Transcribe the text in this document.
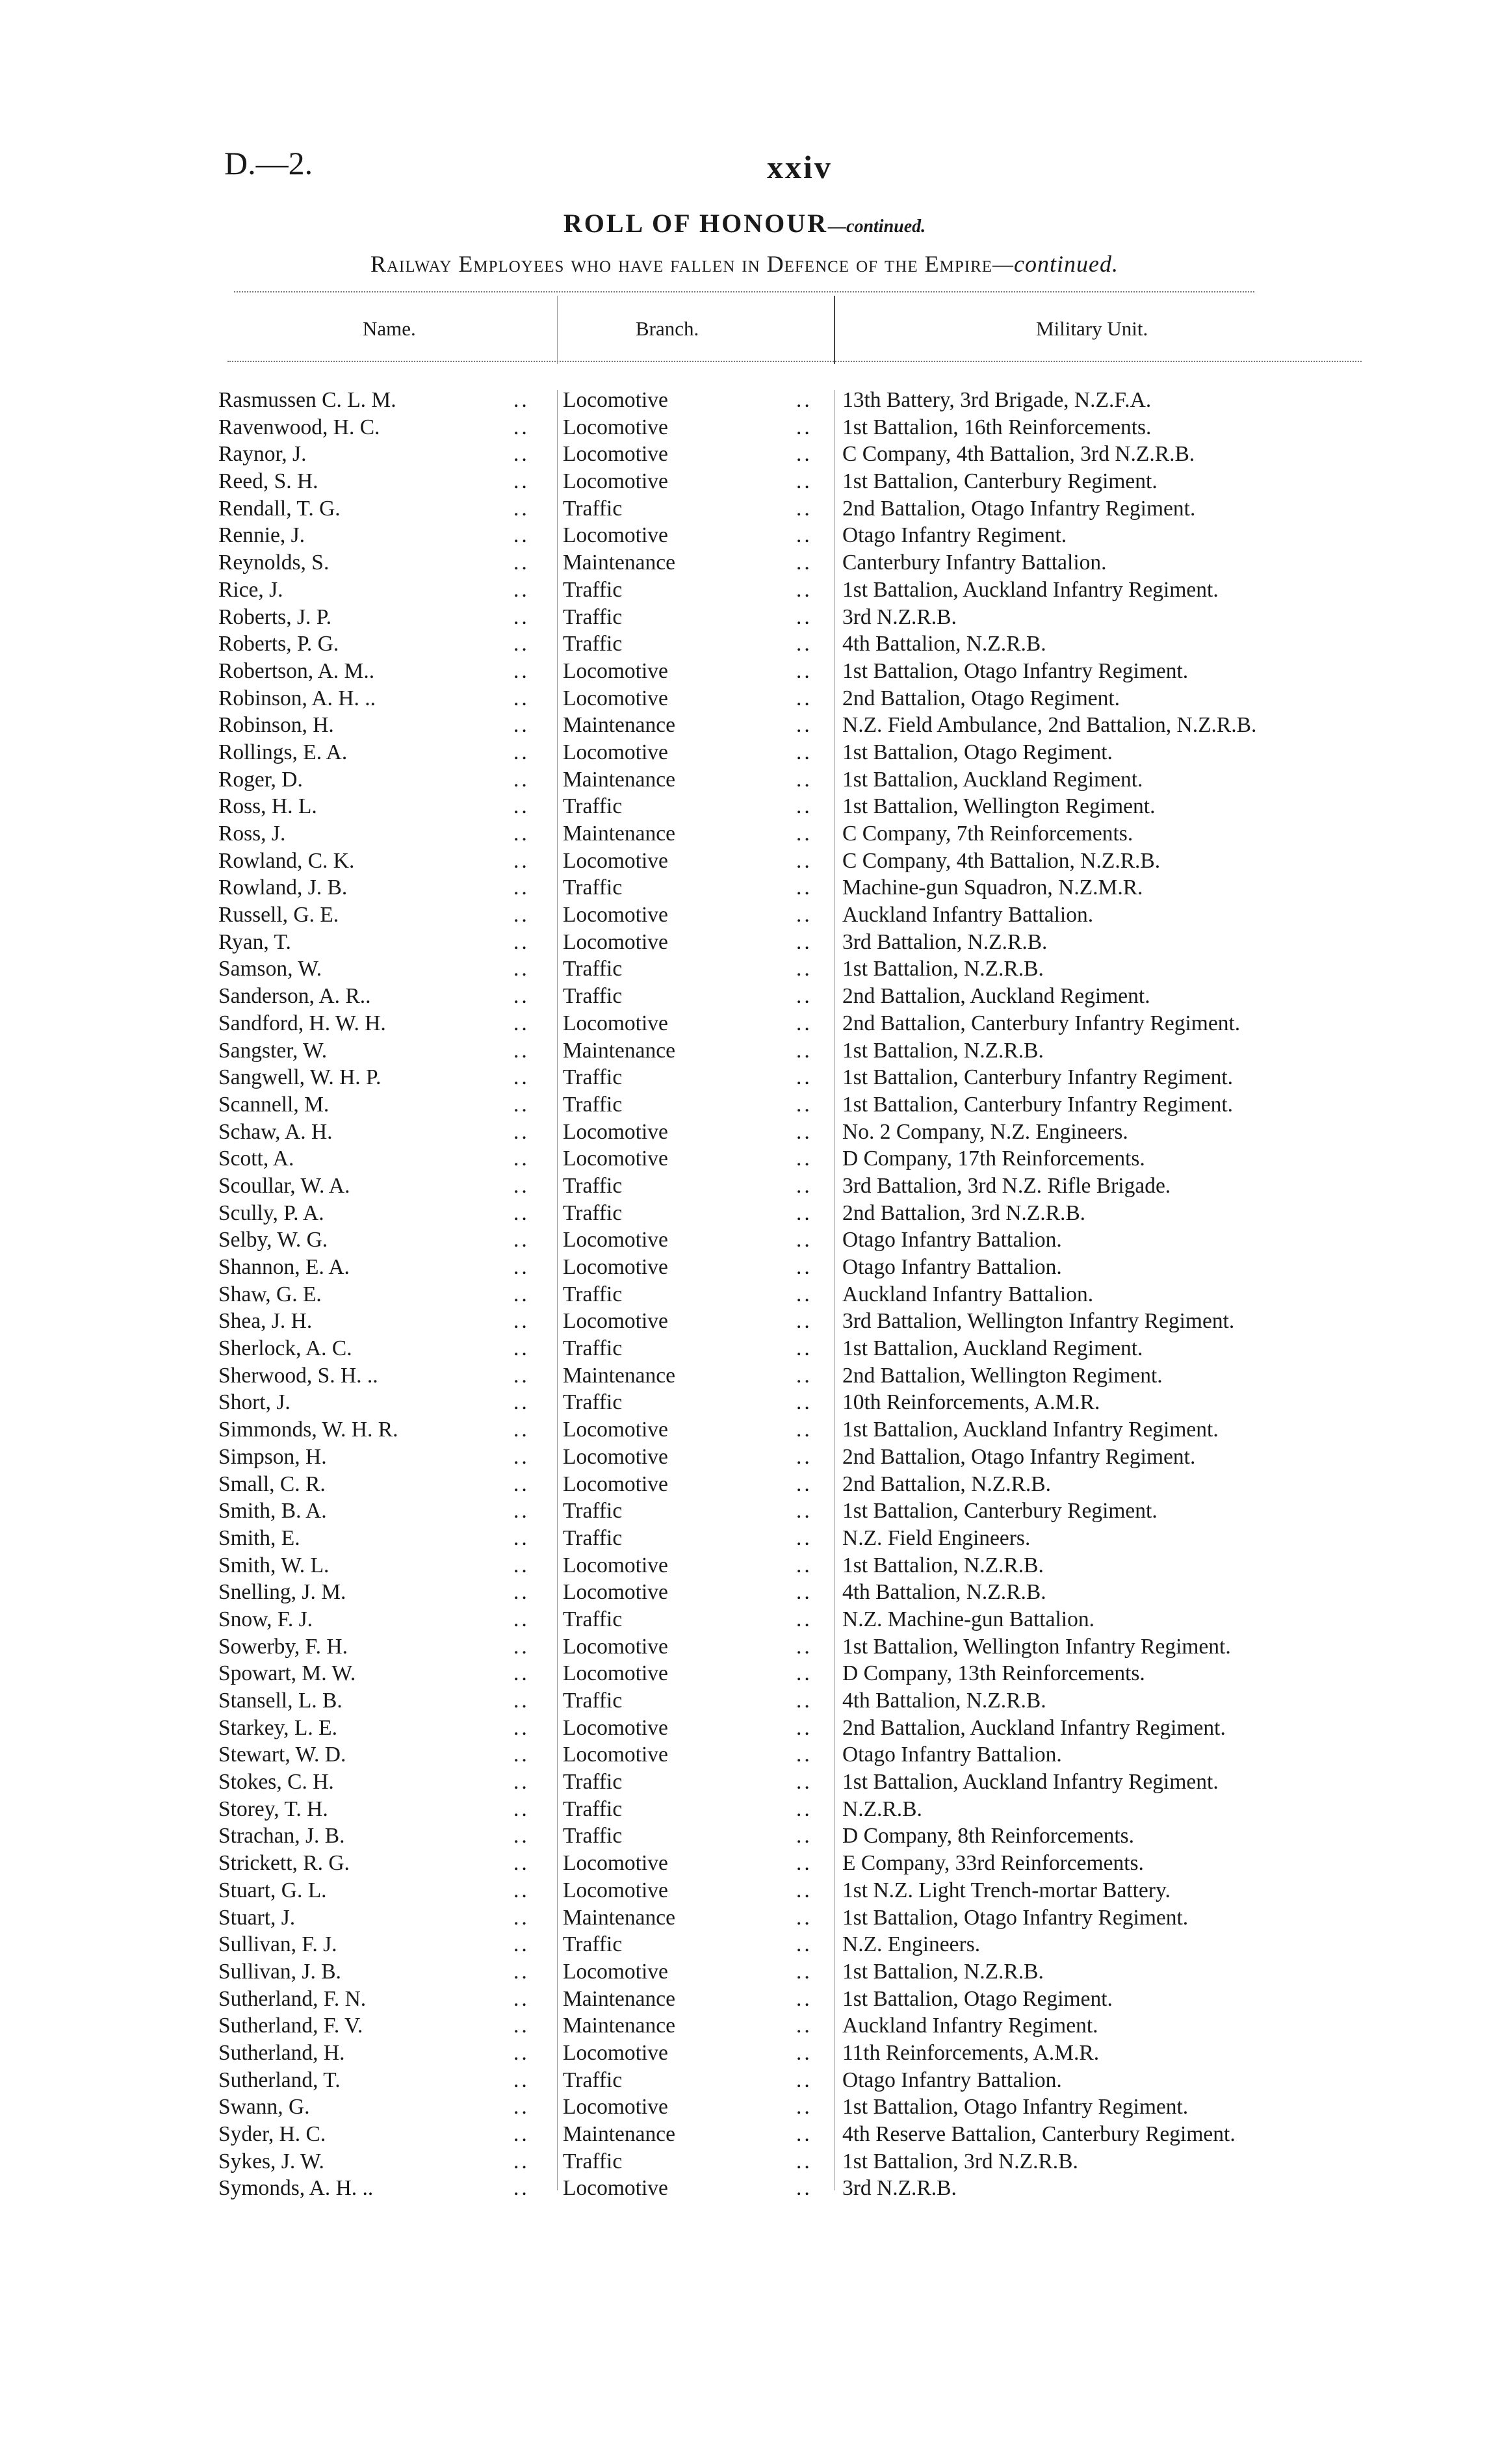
D.—2.	xxiv
ROLL OF HONOUR—continued.
Railway Employees who have fallen in Defence of the Empire—continued.
Name.	Branch.	Military Unit.
Rasmussen C. L. M.	.. Locomotive	.. 13th Battery, 3rd Brigade, N.Z.F.A.
Ravenwood, H. C.	.. Locomotive	.. 1st Battalion, 16th Reinforcements.
Raynor, J.	.. Locomotive	.. C Company, 4th Battalion, 3rd N.Z.R.B.
Reed, S. H.	.. Locomotive	.. 1st Battalion, Canterbury Regiment.
Rendall, T. G.	.. Traffic	.. 2nd Battalion, Otago Infantry Regiment.
Rennie, J.	.. Locomotive	.. Otago Infantry Regiment.
Reynolds, S.	.. Maintenance	.. Canterbury Infantry Battalion.
Rice, J.	.. Traffic	.. 1st Battalion, Auckland Infantry Regiment.
Roberts, J. P.	.. Traffic	.. 3rd N.Z.R.B.
Roberts, P. G.	.. Traffic	.. 4th Battalion, N.Z.R.B.
Robertson, A. M..	.. Locomotive	.. 1st Battalion, Otago Infantry Regiment.
Robinson, A. H. ..	.. Locomotive	.. 2nd Battalion, Otago Regiment.
Robinson, H.	.. Maintenance	.. N.Z. Field Ambulance, 2nd Battalion, N.Z.R.B.
Rollings, E. A.	.. Locomotive	.. 1st Battalion, Otago Regiment.
Roger, D.	.. Maintenance	.. 1st Battalion, Auckland Regiment.
Ross, H. L.	.. Traffic	.. 1st Battalion, Wellington Regiment.
Ross, J.	.. Maintenance	.. C Company, 7th Reinforcements.
Rowland, C. K.	.. Locomotive	.. C Company, 4th Battalion, N.Z.R.B.
Rowland, J. B.	.. Traffic	.. Machine-gun Squadron, N.Z.M.R.
Russell, G. E.	.. Locomotive	.. Auckland Infantry Battalion.
Ryan, T.	.. Locomotive	.. 3rd Battalion, N.Z.R.B.
Samson, W.	.. Traffic	.. 1st Battalion, N.Z.R.B.
Sanderson, A. R..	.. Traffic	.. 2nd Battalion, Auckland Regiment.
Sandford, H. W. H.	.. Locomotive	.. 2nd Battalion, Canterbury Infantry Regiment.
Sangster, W.	.. Maintenance	.. 1st Battalion, N.Z.R.B.
Sangwell, W. H. P.	.. Traffic	.. 1st Battalion, Canterbury Infantry Regiment.
Scannell, M.	.. Traffic	.. 1st Battalion, Canterbury Infantry Regiment.
Schaw, A. H.	.. Locomotive	.. No. 2 Company, N.Z. Engineers.
Scott, A.	.. Locomotive	.. D Company, 17th Reinforcements.
Scoullar, W. A.	.. Traffic	.. 3rd Battalion, 3rd N.Z. Rifle Brigade.
Scully, P. A.	.. Traffic	.. 2nd Battalion, 3rd N.Z.R.B.
Selby, W. G.	.. Locomotive	.. Otago Infantry Battalion.
Shannon, E. A.	.. Locomotive	.. Otago Infantry Battalion.
Shaw, G. E.	.. Traffic	.. Auckland Infantry Battalion.
Shea, J. H.	.. Locomotive	.. 3rd Battalion, Wellington Infantry Regiment.
Sherlock, A. C.	.. Traffic	.. 1st Battalion, Auckland Regiment.
Sherwood, S. H. ..	.. Maintenance	.. 2nd Battalion, Wellington Regiment.
Short, J.	.. Traffic	.. 10th Reinforcements, A.M.R.
Simmonds, W. H. R.	.. Locomotive	.. 1st Battalion, Auckland Infantry Regiment.
Simpson, H.	.. Locomotive	.. 2nd Battalion, Otago Infantry Regiment.
Small, C. R.	.. Locomotive	.. 2nd Battalion, N.Z.R.B.
Smith, B. A.	.. Traffic	.. 1st Battalion, Canterbury Regiment.
Smith, E.	.. Traffic	.. N.Z. Field Engineers.
Smith, W. L.	.. Locomotive	.. 1st Battalion, N.Z.R.B.
Snelling, J. M.	.. Locomotive	.. 4th Battalion, N.Z.R.B.
Snow, F. J.	.. Traffic	.. N.Z. Machine-gun Battalion.
Sowerby, F. H.	.. Locomotive	.. 1st Battalion, Wellington Infantry Regiment.
Spowart, M. W.	.. Locomotive	.. D Company, 13th Reinforcements.
Stansell, L. B.	.. Traffic	.. 4th Battalion, N.Z.R.B.
Starkey, L. E.	.. Locomotive	.. 2nd Battalion, Auckland Infantry Regiment.
Stewart, W. D.	.. Locomotive	.. Otago Infantry Battalion.
Stokes, C. H.	.. Traffic	.. 1st Battalion, Auckland Infantry Regiment.
Storey, T. H.	.. Traffic	.. N.Z.R.B.
Strachan, J. B.	.. Traffic	.. D Company, 8th Reinforcements.
Strickett, R. G.	.. Locomotive	.. E Company, 33rd Reinforcements.
Stuart, G. L.	.. Locomotive	.. 1st N.Z. Light Trench-mortar Battery.
Stuart, J.	.. Maintenance	.. 1st Battalion, Otago Infantry Regiment.
Sullivan, F. J.	.. Traffic	.. N.Z. Engineers.
Sullivan, J. B.	.. Locomotive	.. 1st Battalion, N.Z.R.B.
Sutherland, F. N.	.. Maintenance	.. 1st Battalion, Otago Regiment.
Sutherland, F. V.	.. Maintenance	.. Auckland Infantry Regiment.
Sutherland, H.	.. Locomotive	.. 11th Reinforcements, A.M.R.
Sutherland, T.	.. Traffic	.. Otago Infantry Battalion.
Swann, G.	.. Locomotive	.. 1st Battalion, Otago Infantry Regiment.
Syder, H. C.	.. Maintenance	.. 4th Reserve Battalion, Canterbury Regiment.
Sykes, J. W.	.. Traffic	.. 1st Battalion, 3rd N.Z.R.B.
Symonds, A. H. ..	.. Locomotive	.. 3rd N.Z.R.B.
